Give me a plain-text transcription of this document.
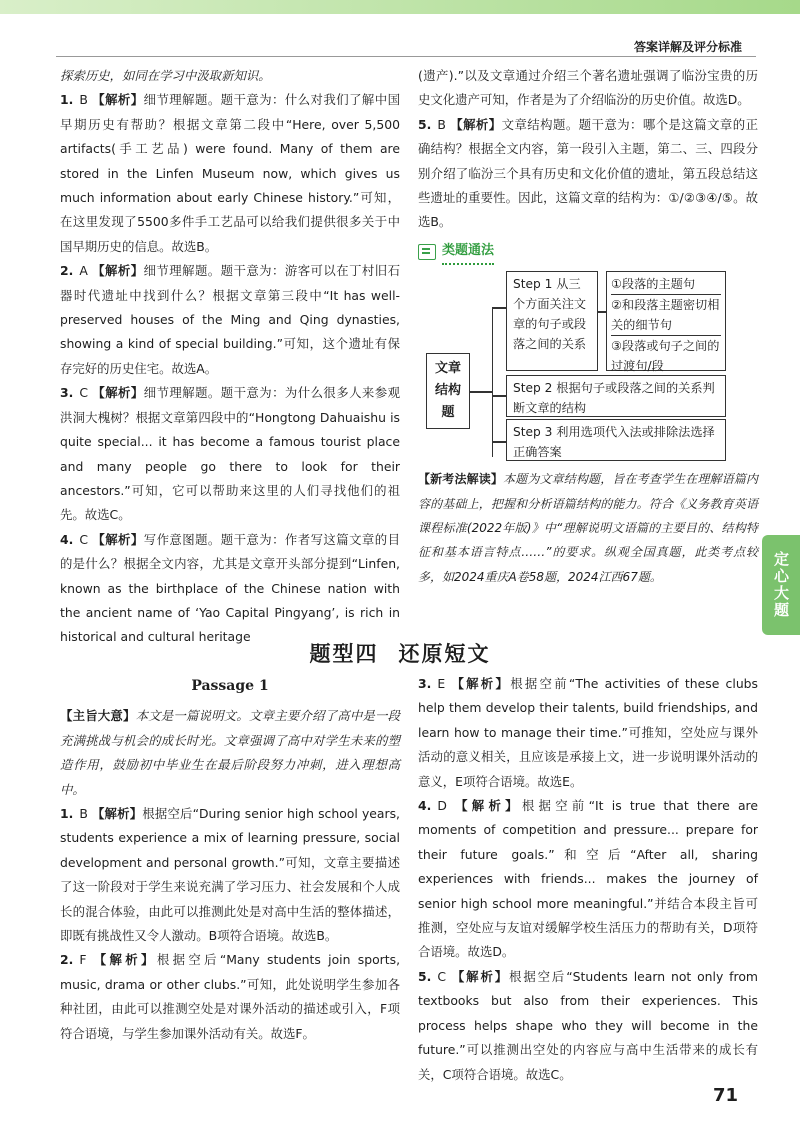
答案详解及评分标准

探索历史，如同在学习中汲取新知识。

1. B 【解析】细节理解题。题干意为：什么对我们了解中国早期历史有帮助？根据文章第二段中“Here, over 5,500 artifacts(手工艺品) were found. Many of them are stored in the Linfen Museum now, which gives us much information about early Chinese history.”可知，在这里发现了5500多件手工艺品可以给我们提供很多关于中国早期历史的信息。故选B。

2. A 【解析】细节理解题。题干意为：游客可以在丁村旧石器时代遗址中找到什么？根据文章第三段中“It has well-preserved houses of the Ming and Qing dynasties, showing a kind of special building.”可知，这个遗址有保存完好的历史住宅。故选A。

3. C 【解析】细节理解题。题干意为：为什么很多人来参观洪洞大槐树？根据文章第四段中的“Hongtong Dahuaishu is quite special... it has become a famous tourist place and many people go there to look for their ancestors.”可知，它可以帮助来这里的人们寻找他们的祖先。故选C。

4. C 【解析】写作意图题。题干意为：作者写这篇文章的目的是什么？根据全文内容，尤其是文章开头部分提到“Linfen, known as the birthplace of the Chinese nation with the ancient name of ‘Yao Capital Pingyang’, is rich in historical and cultural heritage

(遗产).”以及文章通过介绍三个著名遗址强调了临汾宝贵的历史文化遗产可知，作者是为了介绍临汾的历史价值。故选D。

5. B 【解析】文章结构题。题干意为：哪个是这篇文章的正确结构？根据全文内容，第一段引入主题，第二、三、四段分别介绍了临汾三个具有历史和文化价值的遗址，第五段总结这些遗址的重要性。因此，这篇文章的结构为：①/②③④/⑤。故选B。

类题通法
文章结构题
Step 1 从三个方面关注文章的句子或段落之间的关系
①段落的主题句
②和段落主题密切相关的细节句
③段落或句子之间的过渡句/段
Step 2 根据句子或段落之间的关系判断文章的结构
Step 3 利用选项代入法或排除法选择正确答案

【新考法解读】本题为文章结构题，旨在考查学生在理解语篇内容的基础上，把握和分析语篇结构的能力。符合《义务教育英语课程标准(2022年版)》中“理解说明文语篇的主要目的、结构特征和基本语言特点……”的要求。纵观全国真题，此类考点较多，如2024重庆A卷58题，2024江西67题。	定心大题
题型四 还原短文
Passage 1

【主旨大意】本文是一篇说明文。文章主要介绍了高中是一段充满挑战与机会的成长时光。文章强调了高中对学生未来的塑造作用，鼓励初中毕业生在最后阶段努力冲刺，进入理想高中。

1. B 【解析】根据空后“During senior high school years, students experience a mix of learning pressure, social development and personal growth.”可知，文章主要描述了这一阶段对于学生来说充满了学习压力、社会发展和个人成长的混合体验，由此可以推测此处是对高中生活的整体描述，即既有挑战性又令人激动。B项符合语境。故选B。

2. F 【解析】根据空后“Many students join sports, music, drama or other clubs.”可知，此处说明学生参加各种社团，由此可以推测空处是对课外活动的描述或引入，F项符合语境，与学生参加课外活动有关。故选F。

3. E 【解析】根据空前“The activities of these clubs help them develop their talents, build friendships, and learn how to manage their time.”可推知，空处应与课外活动的意义相关，且应该是承接上文，进一步说明课外活动的意义，E项符合语境。故选E。

4. D 【解析】根据空前“It is true that there are moments of competition and pressure... prepare for their future goals.”和空后“After all, sharing experiences with friends... makes the journey of senior high school more meaningful.”并结合本段主旨可推测，空处应与友谊对缓解学校生活压力的帮助有关，D项符合语境。故选D。

5. C 【解析】根据空后“Students learn not only from textbooks but also from their experiences. This process helps shape who they will become in the future.”可以推测出空处的内容应与高中生活带来的成长有关，C项符合语境。故选C。

71
